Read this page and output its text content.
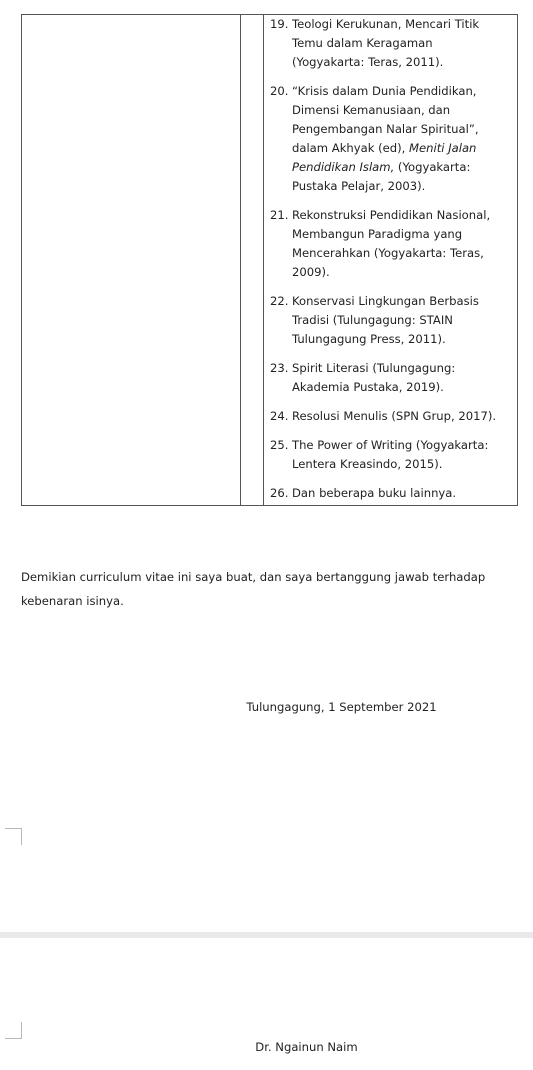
19. Teologi Kerukunan, Mencari Titik Temu dalam Keragaman (Yogyakarta: Teras, 2011).
20. “Krisis dalam Dunia Pendidikan, Dimensi Kemanusiaan, dan Pengembangan Nalar Spiritual”, dalam Akhyak (ed), Meniti Jalan Pendidikan Islam, (Yogyakarta: Pustaka Pelajar, 2003).
21. Rekonstruksi Pendidikan Nasional, Membangun Paradigma yang Mencerahkan (Yogyakarta: Teras, 2009).
22. Konservasi Lingkungan Berbasis Tradisi (Tulungagung: STAIN Tulungagung Press, 2011).
23. Spirit Literasi (Tulungagung: Akademia Pustaka, 2019).
24. Resolusi Menulis (SPN Grup, 2017).
25. The Power of Writing (Yogyakarta: Lentera Kreasindo, 2015).
26. Dan beberapa buku lainnya.

Demikian curriculum vitae ini saya buat, dan saya bertanggung jawab terhadap kebenaran isinya.

Tulungagung, 1 September 2021

Dr. Ngainun Naim
